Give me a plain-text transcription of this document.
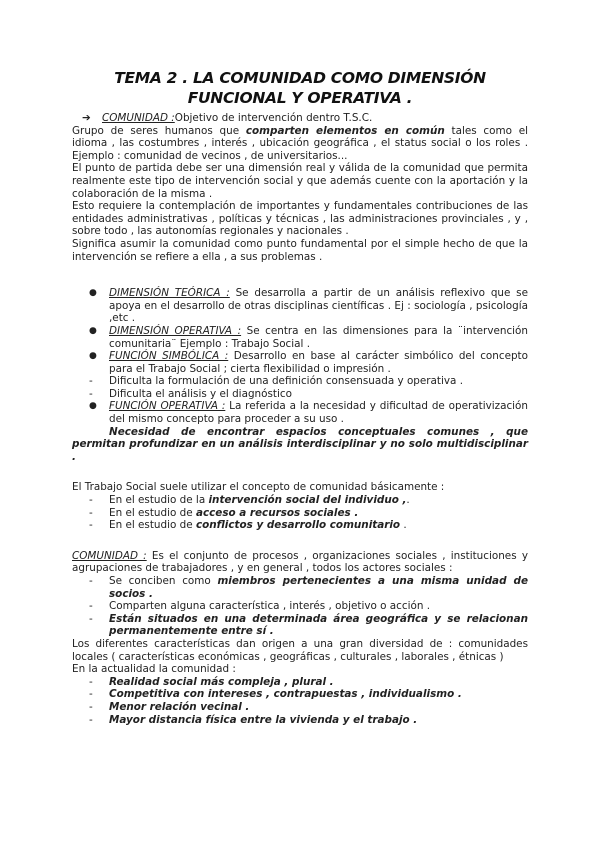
TEMA 2 . LA COMUNIDAD COMO DIMENSIÓN
FUNCIONAL Y OPERATIVA .
➔ COMUNIDAD :Objetivo de intervención dentro T.S.C.

Grupo de seres humanos que comparten elementos en común tales como el idioma , las costumbres , interés , ubicación geográfica , el status social o los roles . Ejemplo : comunidad de vecinos , de universitarios...

El punto de partida debe ser una dimensión real y válida de la comunidad que permita realmente este tipo de intervención social y que además cuente con la aportación y la colaboración de la misma .

Esto requiere la contemplación de importantes y fundamentales contribuciones de las entidades administrativas , políticas y técnicas , las administraciones provinciales , y , sobre todo , las autonomías regionales y nacionales .

Significa asumir la comunidad como punto fundamental por el simple hecho de que la intervención se refiere a ella , a sus problemas .

●	DIMENSIÓN TEÓRICA : Se desarrolla a partir de un análisis reflexivo que se apoya en el desarrollo de otras disciplinas científicas . Ej : sociología , psicología ,etc .
●	DIMENSIÓN OPERATIVA : Se centra en las dimensiones para la ¨intervención comunitaria¨ Ejemplo : Trabajo Social .
●	FUNCIÓN SIMBÓLICA : Desarrollo en base al carácter simbólico del concepto para el Trabajo Social ; cierta flexibilidad o impresión .
-	Dificulta la formulación de una definición consensuada y operativa .
-	Dificulta el análisis y el diagnóstico
●	FUNCIÓN OPERATIVA : La referida a la necesidad y dificultad de operativización del mismo concepto para proceder a su uso .

Necesidad de encontrar espacios conceptuales comunes , que permitan profundizar en un análisis interdisciplinar y no solo multidisciplinar .

El Trabajo Social suele utilizar el concepto de comunidad básicamente :

-	En el estudio de la intervención social del individuo ,.
-	En el estudio de acceso a recursos sociales .
-	En el estudio de conflictos y desarrollo comunitario .

COMUNIDAD : Es el conjunto de procesos , organizaciones sociales , instituciones y agrupaciones de trabajadores , y en general , todos los actores sociales :

-	Se conciben como miembros pertenecientes a una misma unidad de socios .
-	Comparten alguna característica , interés , objetivo o acción .
-	Están situados en una determinada área geográfica y se relacionan permanentemente entre sí .

Los diferentes características dan origen a una gran diversidad de : comunidades locales ( características económicas , geográficas , culturales , laborales , étnicas )

En la actualidad la comunidad :

-	Realidad social más compleja , plural .
-	Competitiva con intereses , contrapuestas , individualismo .
-	Menor relación vecinal .
-	Mayor distancia física entre la vivienda y el trabajo .
